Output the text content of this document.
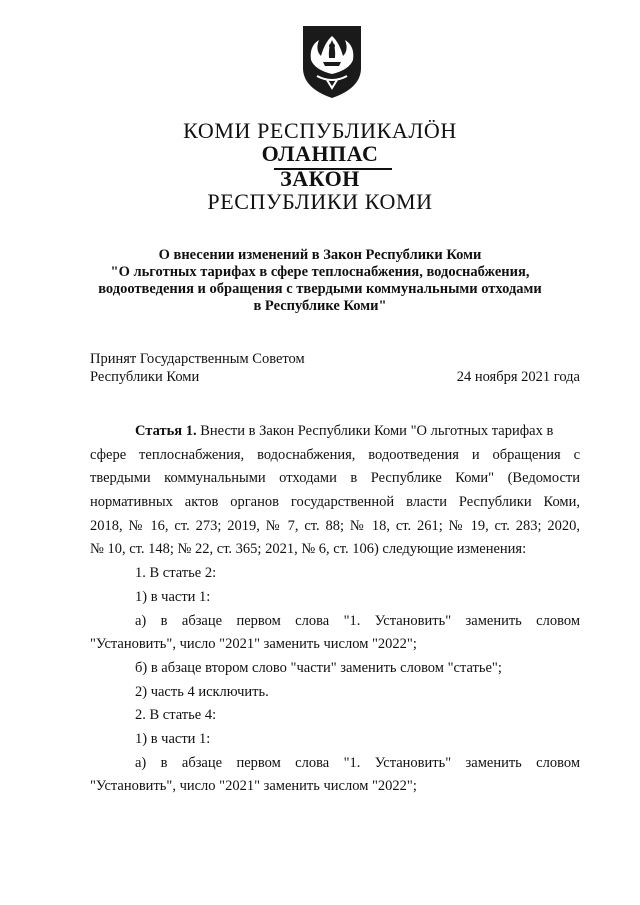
КОМИ РЕСПУБЛИКАЛÖН
ОЛАНПАС
ЗАКОН
РЕСПУБЛИКИ КОМИ
О внесении изменений в Закон Республики Коми
"О льготных тарифах в сфере теплоснабжения, водоснабжения,
водоотведения и обращения с твердыми коммунальными отходами
в Республике Коми"
Принят Государственным Советом
Республики Коми	24 ноября 2021 года
Статья 1. Внести в Закон Республики Коми "О льготных тарифах в
сфере теплоснабжения, водоснабжения, водоотведения и обращения с
твердыми коммунальными отходами в Республике Коми" (Ведомости
нормативных актов органов государственной власти Республики Коми,
2018, № 16, ст. 273; 2019, № 7, ст. 88; № 18, ст. 261; № 19, ст. 283; 2020,
№ 10, ст. 148; № 22, ст. 365; 2021, № 6, ст. 106) следующие изменения:
1. В статье 2:
1) в части 1:
а) в абзаце первом слова "1. Установить" заменить словом
"Установить", число "2021" заменить числом "2022";
б) в абзаце втором слово "части" заменить словом "статье";
2) часть 4 исключить.
2. В статье 4:
1) в части 1:
а) в абзаце первом слова "1. Установить" заменить словом
"Установить", число "2021" заменить числом "2022";
